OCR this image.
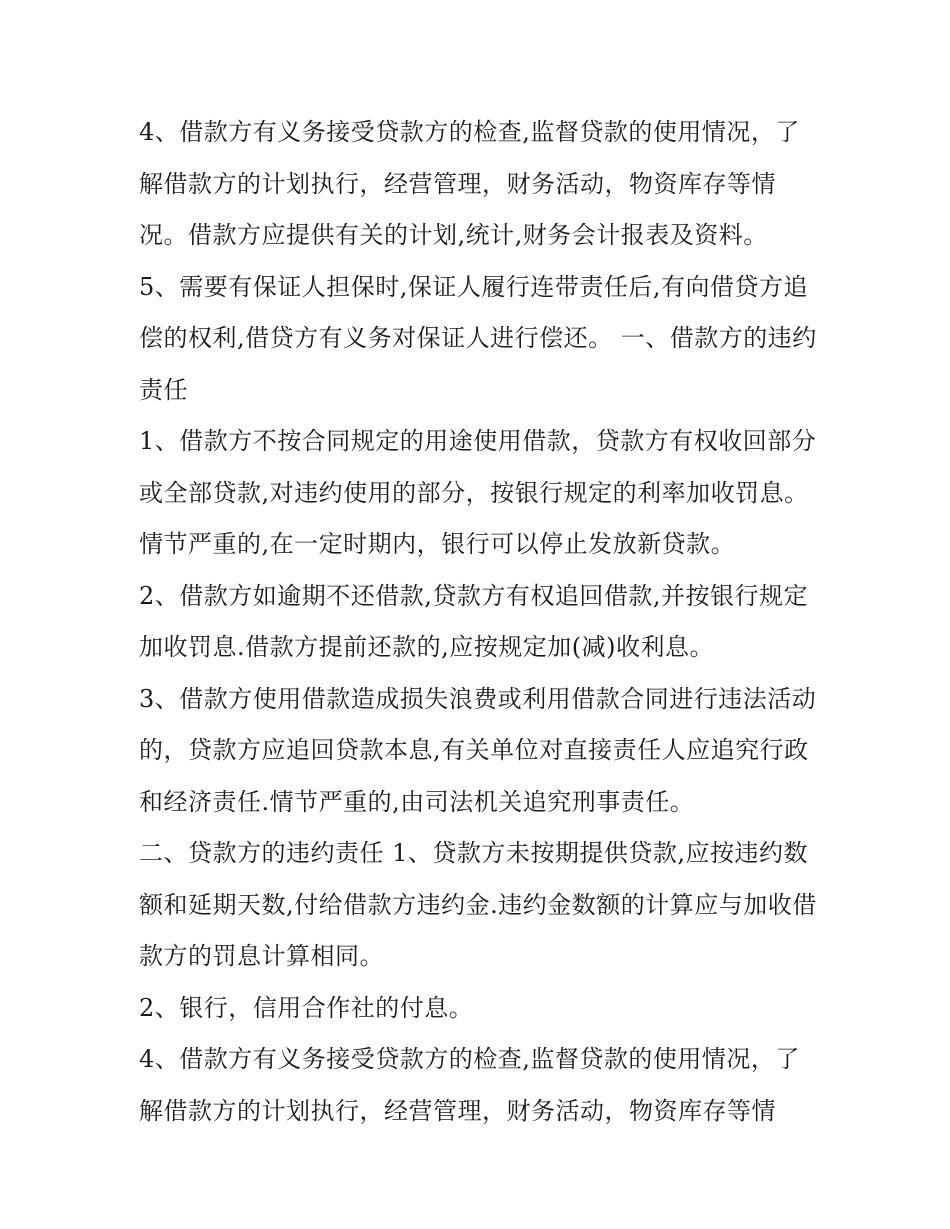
4、借款方有义务接受贷款方的检查,监督贷款的使用情况，了解借款方的计划执行，经营管理，财务活动，物资库存等情况。借款方应提供有关的计划,统计,财务会计报表及资料。

5、需要有保证人担保时,保证人履行连带责任后,有向借贷方追偿的权利,借贷方有义务对保证人进行偿还。 一、借款方的违约责任

1、借款方不按合同规定的用途使用借款，贷款方有权收回部分或全部贷款,对违约使用的部分，按银行规定的利率加收罚息。情节严重的,在一定时期内，银行可以停止发放新贷款。

2、借款方如逾期不还借款,贷款方有权追回借款,并按银行规定加收罚息.借款方提前还款的,应按规定加(减)收利息。

3、借款方使用借款造成损失浪费或利用借款合同进行违法活动的，贷款方应追回贷款本息,有关单位对直接责任人应追究行政和经济责任.情节严重的,由司法机关追究刑事责任。

二、贷款方的违约责任 1、贷款方未按期提供贷款,应按违约数额和延期天数,付给借款方违约金.违约金数额的计算应与加收借款方的罚息计算相同。

2、银行，信用合作社的付息。

4、借款方有义务接受贷款方的检查,监督贷款的使用情况，了解借款方的计划执行，经营管理，财务活动，物资库存等情
